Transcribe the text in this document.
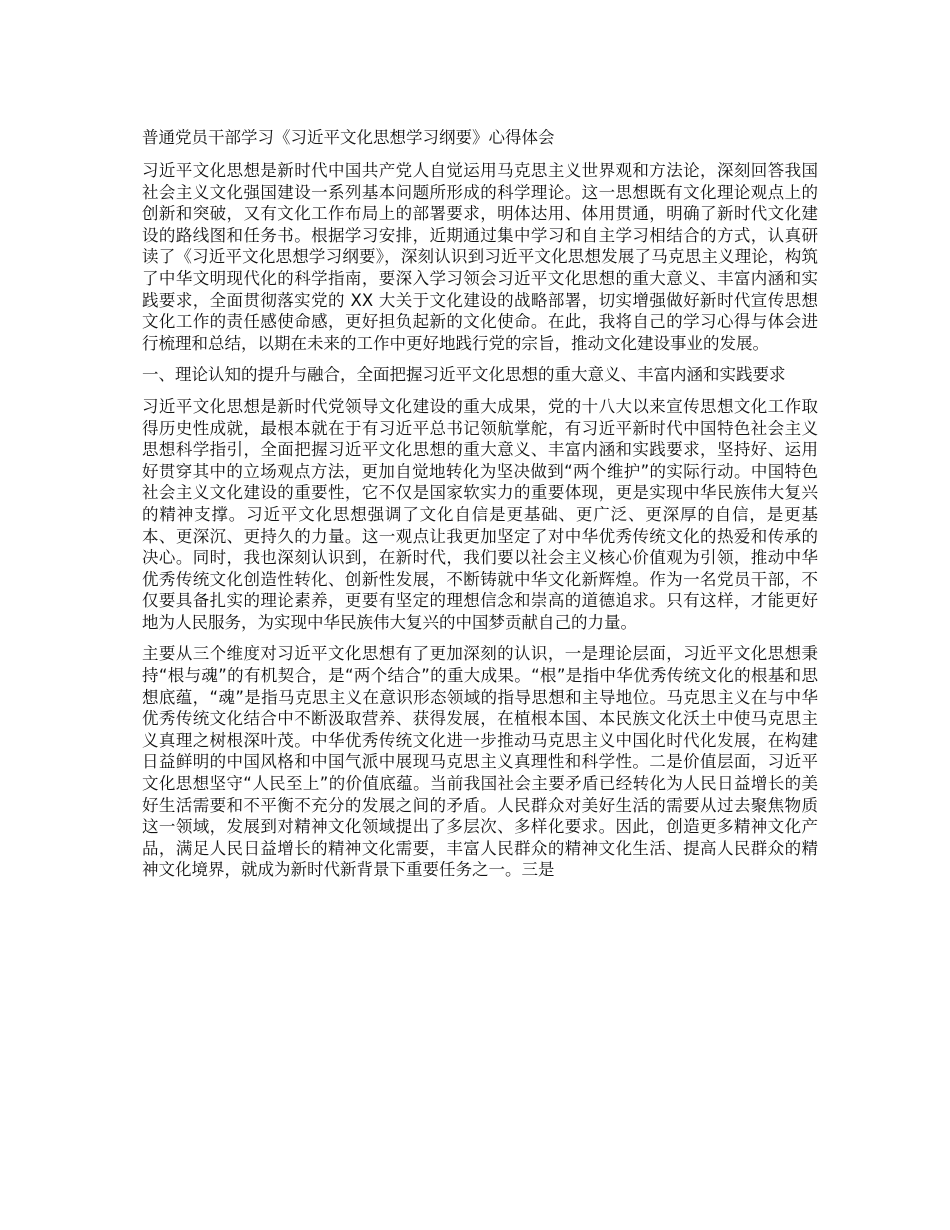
普通党员干部学习《习近平文化思想学习纲要》心得体会

习近平文化思想是新时代中国共产党人自觉运用马克思主义世界观和方法论，深刻回答我国社会主义文化强国建设一系列基本问题所形成的科学理论。这一思想既有文化理论观点上的创新和突破，又有文化工作布局上的部署要求，明体达用、体用贯通，明确了新时代文化建设的路线图和任务书。根据学习安排，近期通过集中学习和自主学习相结合的方式，认真研读了《习近平文化思想学习纲要》，深刻认识到习近平文化思想发展了马克思主义理论，构筑了中华文明现代化的科学指南，要深入学习领会习近平文化思想的重大意义、丰富内涵和实践要求，全面贯彻落实党的 XX 大关于文化建设的战略部署，切实增强做好新时代宣传思想文化工作的责任感使命感，更好担负起新的文化使命。在此，我将自己的学习心得与体会进行梳理和总结，以期在未来的工作中更好地践行党的宗旨，推动文化建设事业的发展。

一、理论认知的提升与融合，全面把握习近平文化思想的重大意义、丰富内涵和实践要求

习近平文化思想是新时代党领导文化建设的重大成果，党的十八大以来宣传思想文化工作取得历史性成就，最根本就在于有习近平总书记领航掌舵，有习近平新时代中国特色社会主义思想科学指引，全面把握习近平文化思想的重大意义、丰富内涵和实践要求，坚持好、运用好贯穿其中的立场观点方法，更加自觉地转化为坚决做到“两个维护”的实际行动。中国特色社会主义文化建设的重要性，它不仅是国家软实力的重要体现，更是实现中华民族伟大复兴的精神支撑。习近平文化思想强调了文化自信是更基础、更广泛、更深厚的自信，是更基本、更深沉、更持久的力量。这一观点让我更加坚定了对中华优秀传统文化的热爱和传承的决心。同时，我也深刻认识到，在新时代，我们要以社会主义核心价值观为引领，推动中华优秀传统文化创造性转化、创新性发展，不断铸就中华文化新辉煌。作为一名党员干部，不仅要具备扎实的理论素养，更要有坚定的理想信念和崇高的道德追求。只有这样，才能更好地为人民服务，为实现中华民族伟大复兴的中国梦贡献自己的力量。

主要从三个维度对习近平文化思想有了更加深刻的认识，一是理论层面，习近平文化思想秉持“根与魂”的有机契合，是“两个结合”的重大成果。“根”是指中华优秀传统文化的根基和思想底蕴，“魂”是指马克思主义在意识形态领域的指导思想和主导地位。马克思主义在与中华优秀传统文化结合中不断汲取营养、获得发展，在植根本国、本民族文化沃土中使马克思主义真理之树根深叶茂。中华优秀传统文化进一步推动马克思主义中国化时代化发展，在构建日益鲜明的中国风格和中国气派中展现马克思主义真理性和科学性。二是价值层面，习近平文化思想坚守“人民至上”的价值底蕴。当前我国社会主要矛盾已经转化为人民日益增长的美好生活需要和不平衡不充分的发展之间的矛盾。人民群众对美好生活的需要从过去聚焦物质这一领域，发展到对精神文化领域提出了多层次、多样化要求。因此，创造更多精神文化产品，满足人民日益增长的精神文化需要，丰富人民群众的精神文化生活、提高人民群众的精神文化境界，就成为新时代新背景下重要任务之一。三是
